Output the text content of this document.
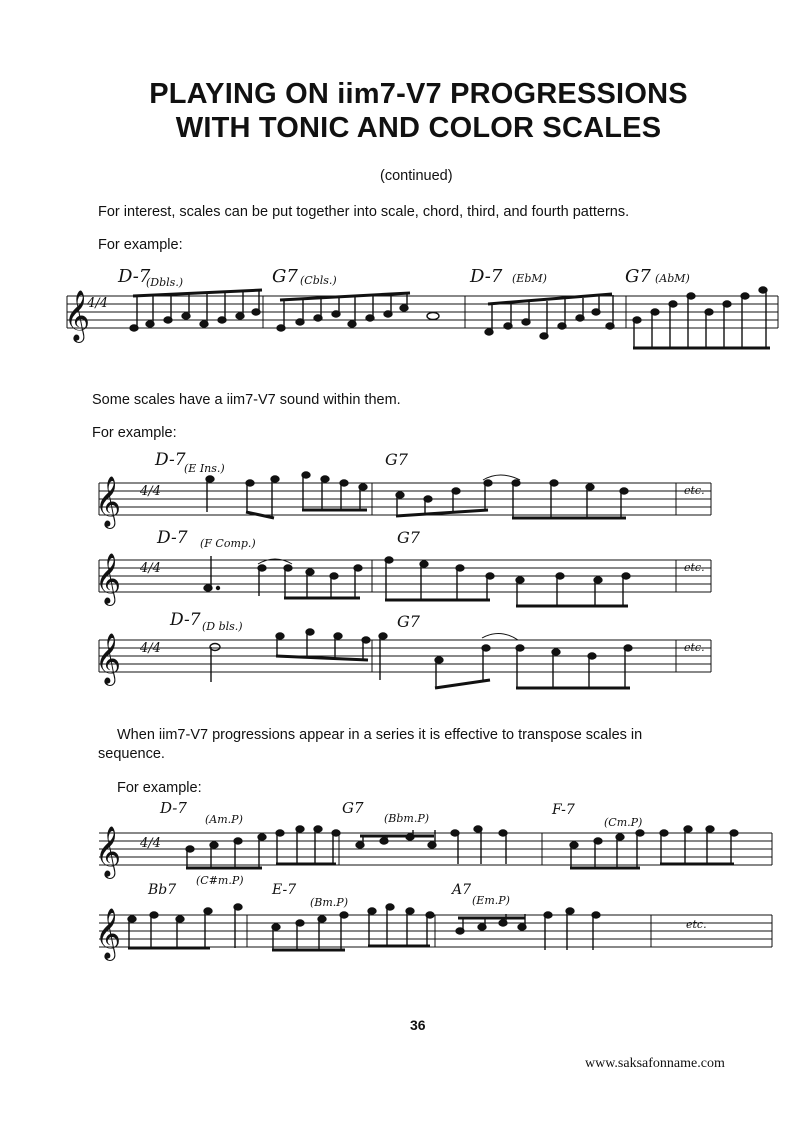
PLAYING ON iim7-V7 PROGRESSIONS
WITH TONIC AND COLOR SCALES
(continued)
For interest, scales can be put together into scale, chord, third, and fourth patterns.
For example:
𝄞
4/4
D-7
(Dbls.)	G7 (Cbls.)	D-7 (EbM)	G7 (AbM)
Some scales have a iim7-V7 sound within them.
For example:
𝄞
𝄞
𝄞
4/4
4/4
4/4
etc.
etc.
etc.
D-7
(E Ins.)	G7
D-7 (F Comp.)	G7
D-7 (D bls.)	G7
When iim7-V7 progressions appear in a series it is effective to transpose scales in
sequence.
For example:
𝄞
𝄞
4/4
etc.
D-7
(Am.P)
G7
(Bbm.P)
F-7
(Cm.P)
Bb7
(C#m.P)
E-7
(Bm.P)
A7
(Em.P)
36
www.saksafonname.com
